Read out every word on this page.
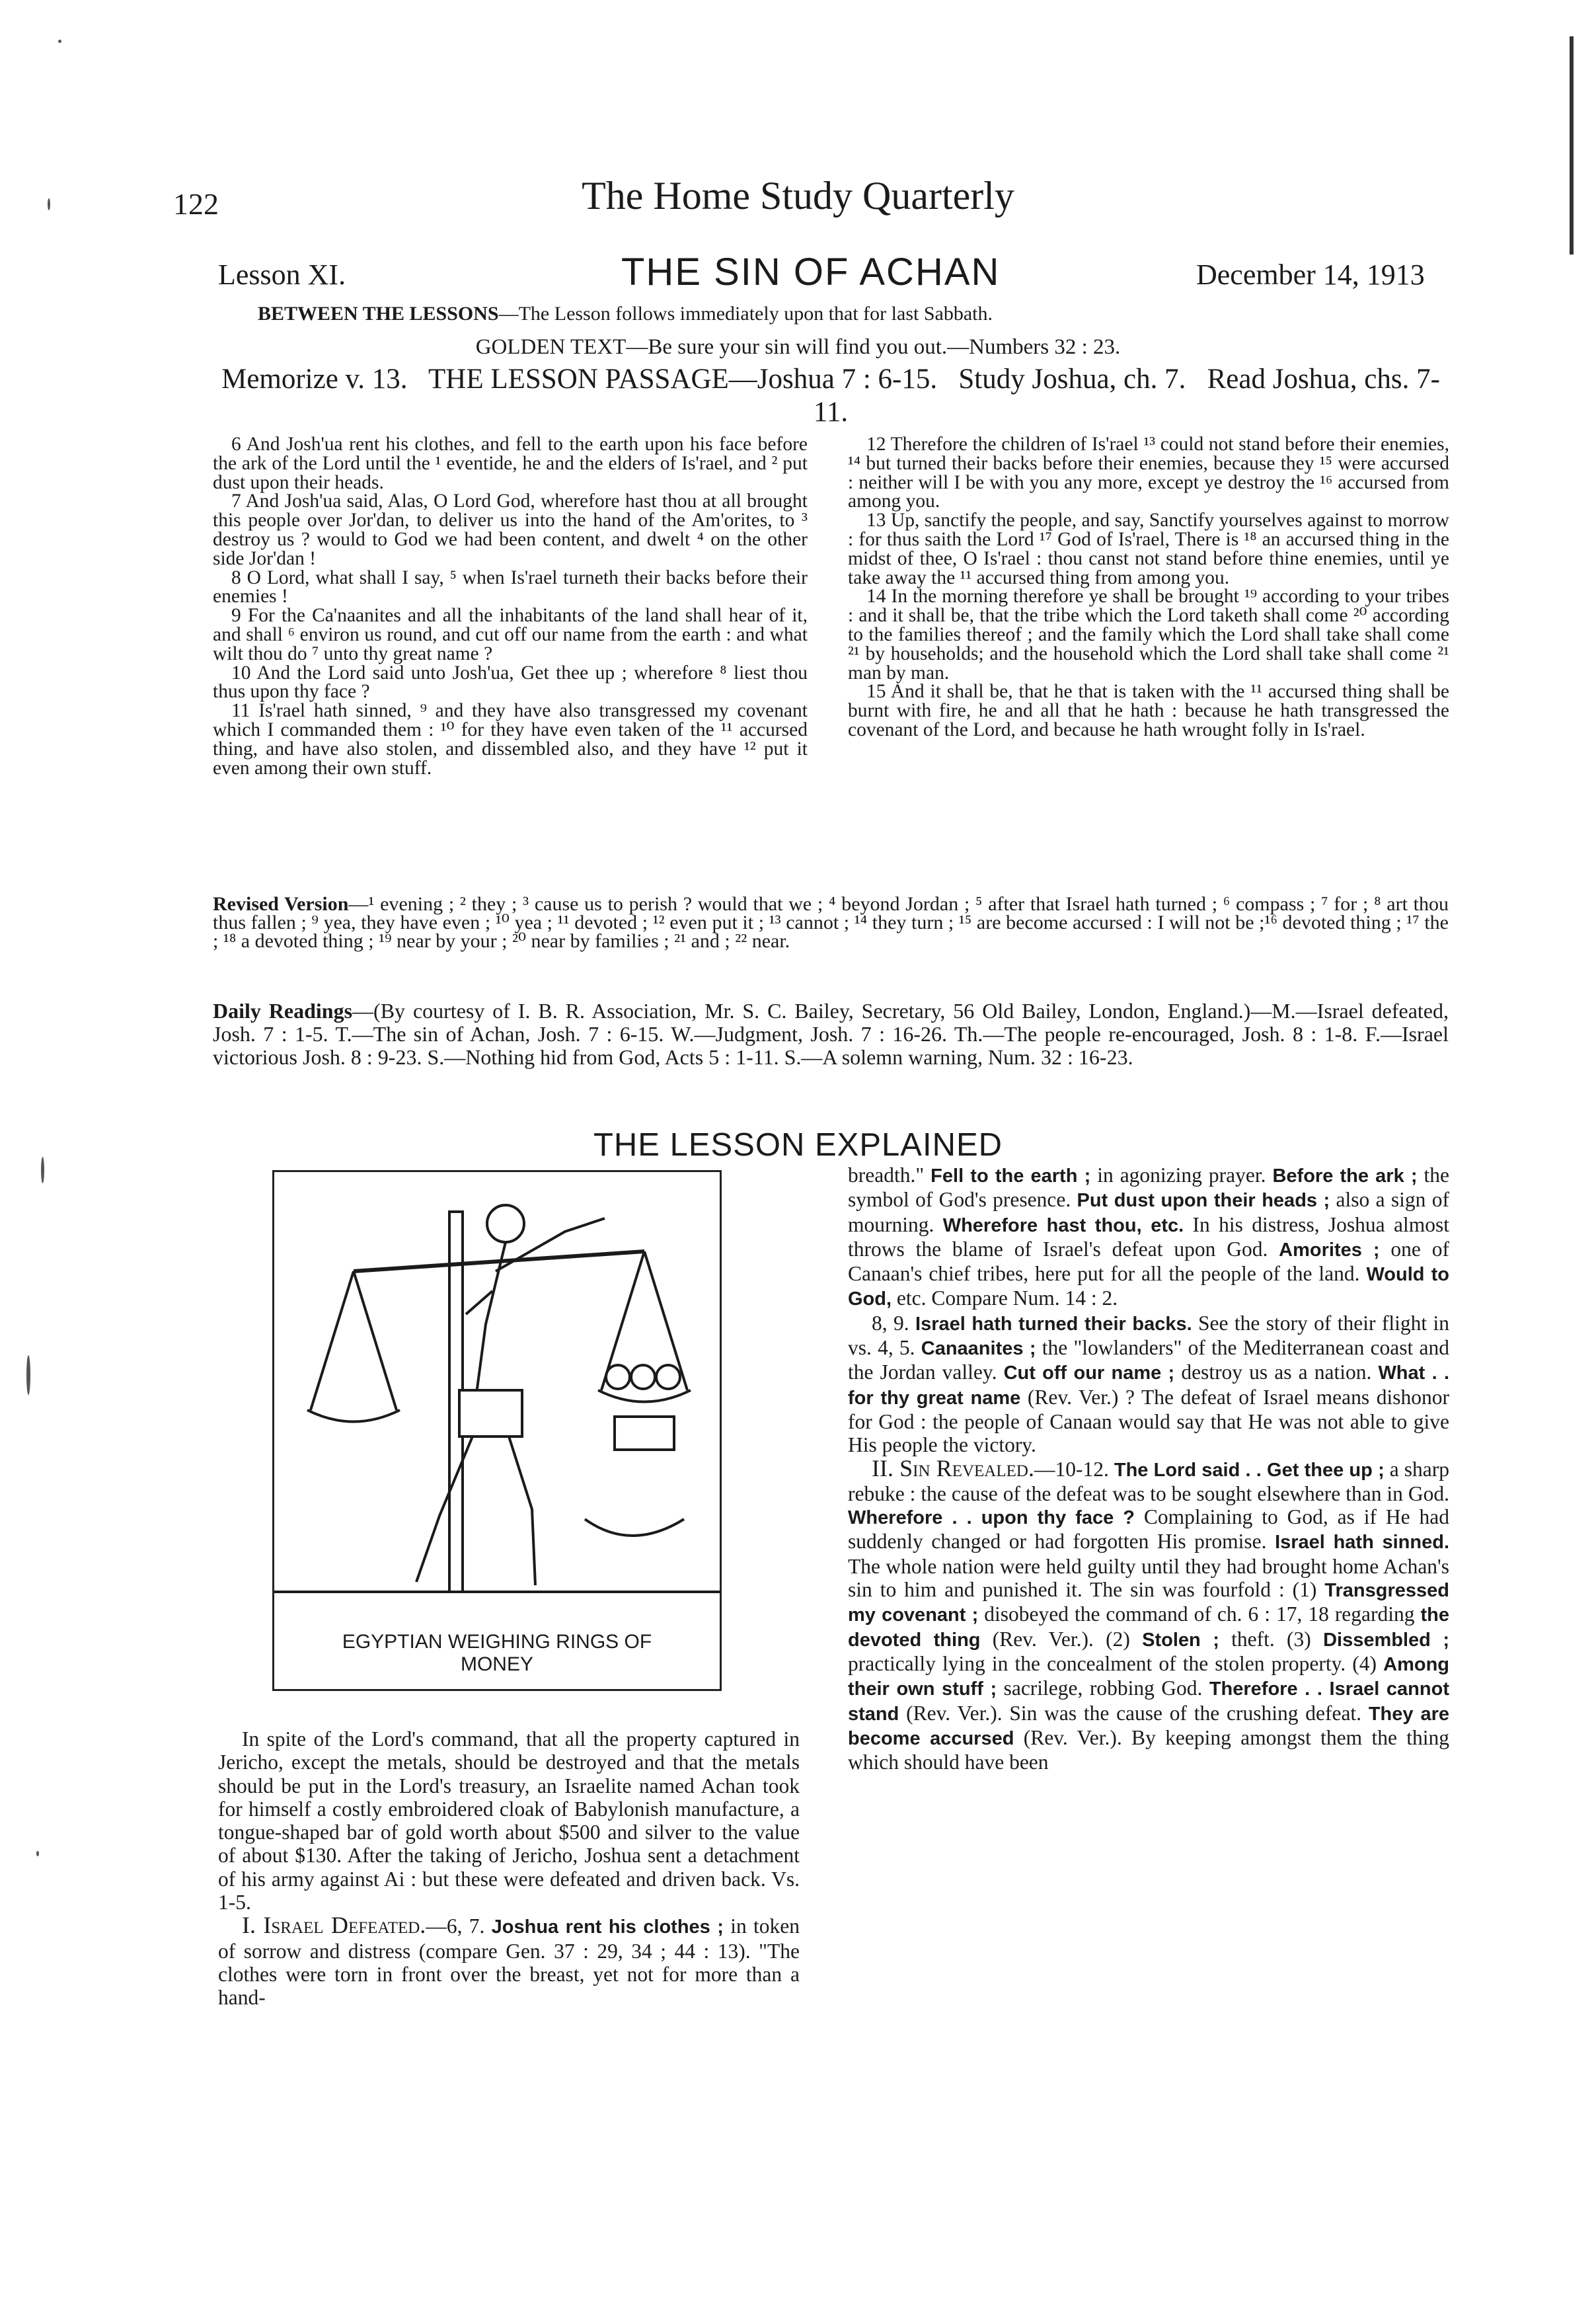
122	The Home Study Quarterly
Lesson XI.	THE SIN OF ACHAN	December 14, 1913
BETWEEN THE LESSONS—The Lesson follows immediately upon that for last Sabbath.
GOLDEN TEXT—Be sure your sin will find you out.—Numbers 32 : 23.
Memorize v. 13. THE LESSON PASSAGE—Joshua 7 : 6-15. Study Joshua, ch. 7. Read Joshua, chs. 7-11.

6 And Josh'ua rent his clothes, and fell to the earth upon his face before the ark of the Lord until the ¹ eventide, he and the elders of Is'rael, and ² put dust upon their heads.

7 And Josh'ua said, Alas, O Lord God, wherefore hast thou at all brought this people over Jor'dan, to deliver us into the hand of the Am'orites, to ³ destroy us ? would to God we had been content, and dwelt ⁴ on the other side Jor'dan !

8 O Lord, what shall I say, ⁵ when Is'rael turneth their backs before their enemies !

9 For the Ca'naanites and all the inhabitants of the land shall hear of it, and shall ⁶ environ us round, and cut off our name from the earth : and what wilt thou do ⁷ unto thy great name ?

10 And the Lord said unto Josh'ua, Get thee up ; wherefore ⁸ liest thou thus upon thy face ?

11 Is'rael hath sinned, ⁹ and they have also transgressed my covenant which I commanded them : ¹⁰ for they have even taken of the ¹¹ accursed thing, and have also stolen, and dissembled also, and they have ¹² put it even among their own stuff.

12 Therefore the children of Is'rael ¹³ could not stand before their enemies, ¹⁴ but turned their backs before their enemies, because they ¹⁵ were accursed : neither will I be with you any more, except ye destroy the ¹⁶ accursed from among you.

13 Up, sanctify the people, and say, Sanctify yourselves against to morrow : for thus saith the Lord ¹⁷ God of Is'rael, There is ¹⁸ an accursed thing in the midst of thee, O Is'rael : thou canst not stand before thine enemies, until ye take away the ¹¹ accursed thing from among you.

14 In the morning therefore ye shall be brought ¹⁹ according to your tribes : and it shall be, that the tribe which the Lord taketh shall come ²⁰ according to the families thereof ; and the family which the Lord shall take shall come ²¹ by households; and the household which the Lord shall take shall come ²¹ man by man.

15 And it shall be, that he that is taken with the ¹¹ accursed thing shall be burnt with fire, he and all that he hath : because he hath transgressed the covenant of the Lord, and because he hath wrought folly in Is'rael.

Revised Version—¹ evening ; ² they ; ³ cause us to perish ? would that we ; ⁴ beyond Jordan ; ⁵ after that Israel hath turned ; ⁶ compass ; ⁷ for ; ⁸ art thou thus fallen ; ⁹ yea, they have even ; ¹⁰ yea ; ¹¹ devoted ; ¹² even put it ; ¹³ cannot ; ¹⁴ they turn ; ¹⁵ are become accursed : I will not be ;¹⁶ devoted thing ; ¹⁷ the ; ¹⁸ a devoted thing ; ¹⁹ near by your ; ²⁰ near by families ; ²¹ and ; ²² near.
Daily Readings—(By courtesy of I. B. R. Association, Mr. S. C. Bailey, Secretary, 56 Old Bailey, London, England.)—M.—Israel defeated, Josh. 7 : 1-5. T.—The sin of Achan, Josh. 7 : 6-15. W.—Judgment, Josh. 7 : 16-26. Th.—The people re-encouraged, Josh. 8 : 1-8. F.—Israel victorious Josh. 8 : 9-23. S.—Nothing hid from God, Acts 5 : 1-11. S.—A solemn warning, Num. 32 : 16-23.
THE LESSON EXPLAINED
EGYPTIAN WEIGHING RINGS OF
MONEY

In spite of the Lord's command, that all the property captured in Jericho, except the metals, should be destroyed and that the metals should be put in the Lord's treasury, an Israelite named Achan took for himself a costly embroidered cloak of Babylonish manufacture, a tongue-shaped bar of gold worth about $500 and silver to the value of about $130. After the taking of Jericho, Joshua sent a detachment of his army against Ai : but these were defeated and driven back. Vs. 1-5.

I. Israel Defeated.—6, 7. Joshua rent his clothes ; in token of sorrow and distress (compare Gen. 37 : 29, 34 ; 44 : 13). "The clothes were torn in front over the breast, yet not for more than a hand-

breadth." Fell to the earth ; in agonizing prayer. Before the ark ; the symbol of God's presence. Put dust upon their heads ; also a sign of mourning. Wherefore hast thou, etc. In his distress, Joshua almost throws the blame of Israel's defeat upon God. Amorites ; one of Canaan's chief tribes, here put for all the people of the land. Would to God, etc. Compare Num. 14 : 2.

8, 9. Israel hath turned their backs. See the story of their flight in vs. 4, 5. Canaanites ; the "lowlanders" of the Mediterranean coast and the Jordan valley. Cut off our name ; destroy us as a nation. What . . for thy great name (Rev. Ver.) ? The defeat of Israel means dishonor for God : the people of Canaan would say that He was not able to give His people the victory.

II. Sin Revealed.—10-12. The Lord said . . Get thee up ; a sharp rebuke : the cause of the defeat was to be sought elsewhere than in God. Wherefore . . upon thy face ? Complaining to God, as if He had suddenly changed or had forgotten His promise. Israel hath sinned. The whole nation were held guilty until they had brought home Achan's sin to him and punished it. The sin was fourfold : (1) Transgressed my covenant ; disobeyed the command of ch. 6 : 17, 18 regarding the devoted thing (Rev. Ver.). (2) Stolen ; theft. (3) Dissembled ; practically lying in the concealment of the stolen property. (4) Among their own stuff ; sacrilege, robbing God. Therefore . . Israel cannot stand (Rev. Ver.). Sin was the cause of the crushing defeat. They are become accursed (Rev. Ver.). By keeping amongst them the thing which should have been
